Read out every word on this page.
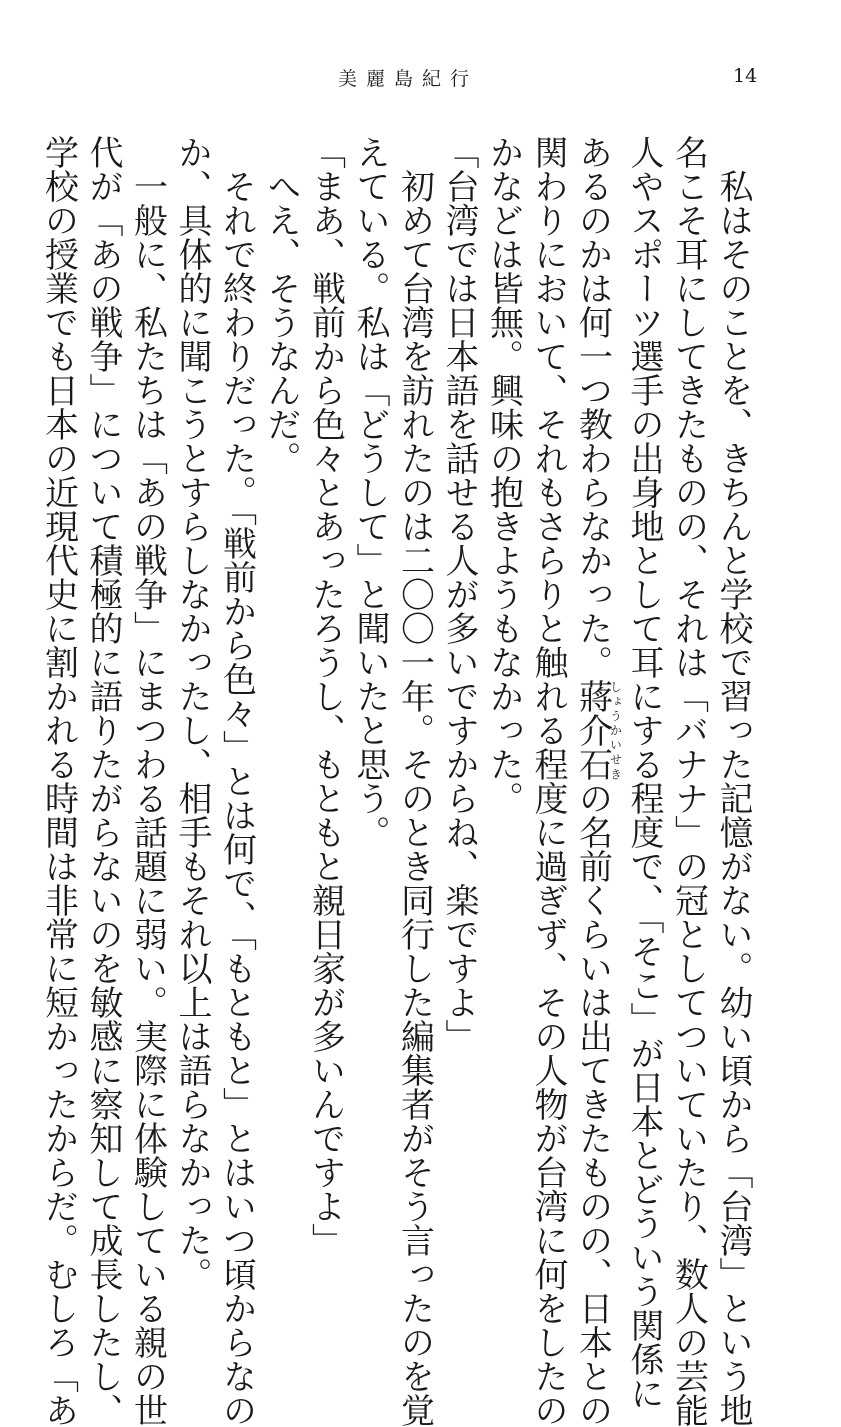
美麗島紀行	14
私はそのことを、きちんと学校で習った記憶がない。幼い頃から「台湾」という地
名こそ耳にしてきたものの、それは「バナナ」の冠としてついていたり、数人の芸能
人やスポーツ選手の出身地として耳にする程度で、「そこ」が日本とどういう関係に
あるのかは何一つ教わらなかった。蔣介石しょうかいせきの名前くらいは出てきたものの、日本との
関わりにおいて、それもさらりと触れる程度に過ぎず、その人物が台湾に何をしたの
かなどは皆無。興味の抱きようもなかった。
「台湾では日本語を話せる人が多いですからね、楽ですよ」
初めて台湾を訪れたのは二〇〇一年。そのとき同行した編集者がそう言ったのを覚
えている。私は「どうして」と聞いたと思う。
「まあ、戦前から色々とあったろうし、もともと親日家が多いんですよ」
へえ、そうなんだ。
それで終わりだった。「戦前から色々」とは何で、「もともと」とはいつ頃からなの
か、具体的に聞こうとすらしなかったし、相手もそれ以上は語らなかった。
一般に、私たちは「あの戦争」にまつわる話題に弱い。実際に体験している親の世
代が「あの戦争」について積極的に語りたがらないのを敏感に察知して成長したし、
学校の授業でも日本の近現代史に割かれる時間は非常に短かったからだ。むしろ「あ
